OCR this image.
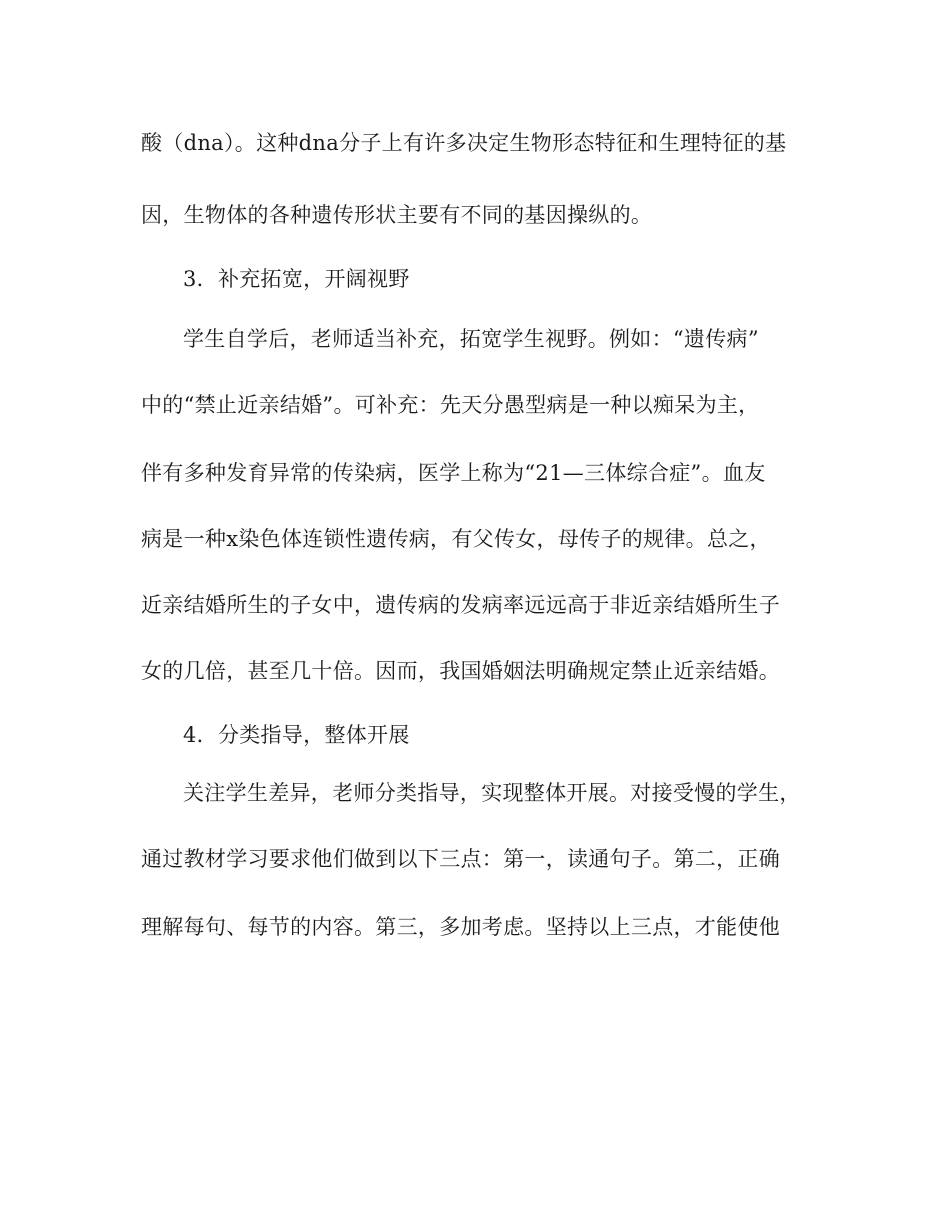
酸（dna）。这种dna分子上有许多决定生物形态特征和生理特征的基
因，生物体的各种遗传形状主要有不同的基因操纵的。
3．补充拓宽，开阔视野
学生自学后，老师适当补充，拓宽学生视野。例如：“遗传病”
中的“禁止近亲结婚”。可补充：先天分愚型病是一种以痴呆为主，
伴有多种发育异常的传染病，医学上称为“21—三体综合症”。血友
病是一种x染色体连锁性遗传病，有父传女，母传子的规律。总之，
近亲结婚所生的子女中，遗传病的发病率远远高于非近亲结婚所生子
女的几倍，甚至几十倍。因而，我国婚姻法明确规定禁止近亲结婚。
4．分类指导，整体开展
关注学生差异，老师分类指导，实现整体开展。对接受慢的学生，
通过教材学习要求他们做到以下三点：第一，读通句子。第二，正确
理解每句、每节的内容。第三，多加考虑。坚持以上三点，才能使他
